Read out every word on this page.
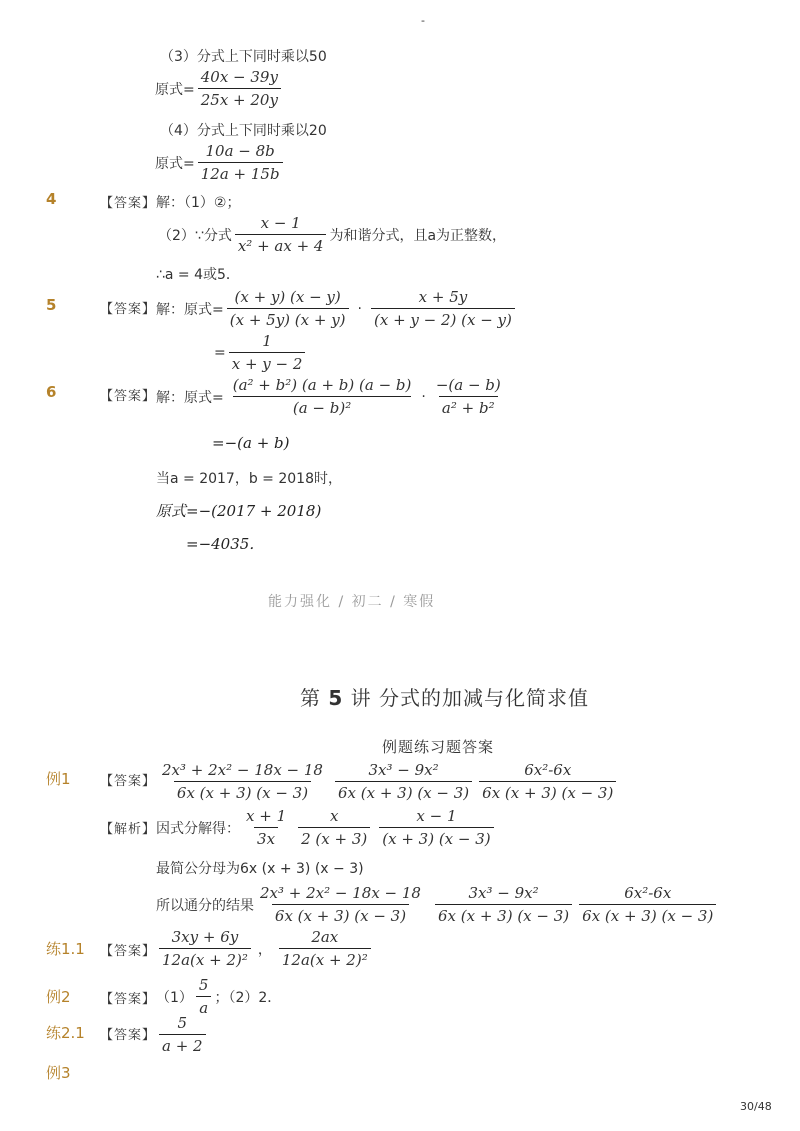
-
（3）分式上下同时乘以50
原式= $\frac{40x - 39y}{25x + 20y}$
（4）分式上下同时乘以20
原式= $\frac{10a - 8b}{12a + 15b}$
4	【答案】 解：（1）②；
（2）∵分式 $\frac{x - 1}{\text{x² + ax + 4}}$ 为和谐分式，且a为正整数，
∴a = 4或5．
5	【答案】 解：原式= $\frac{(x + y) (x - y)}{(x + 5y) (x + y)} \cdot \frac{x + 5y}{(x + y - 2) (x - y)}$
= $\frac{1}{x + y - 2}$
6	【答案】 解：原式= $\frac{\text{(a² + b²) (a + b) (a − b)}}{\text{(a − b)²}} \cdot \frac{-(a - b)}{\text{a² + b²}}$
=−(a + b)
当a = 2017，b = 2018时，
原式=−(2017 + 2018)
=−4035．
能力强化 / 初二 / 寒假
第 5 讲 分式的加减与化简求值
例题练习题答案
例1 【答案】 $\frac{\text{2x³ + 2x² − 18x − 18}}{6x (x + 3) (x - 3)} \frac{\text{3x³ − 9x²}}{6x (x + 3) (x - 3)} \frac{\text{6x²-6x}}{6x (x + 3) (x - 3)}$
【解析】 因式分解得： $\frac{x + 1}{3x} \frac{x}{2 (x + 3)} \frac{x - 1}{(x + 3) (x - 3)}$
最简公分母为6x (x + 3) (x − 3)
所以通分的结果 $\frac{\text{2x³ + 2x² − 18x − 18}}{6x (x + 3) (x - 3)} \frac{\text{3x³ − 9x²}}{6x (x + 3) (x - 3)} \frac{\text{6x²-6x}}{6x (x + 3) (x - 3)}$
练1.1 【答案】 $\frac{3xy + 6y}{\text{12a(x + 2)²}}$ ， $\frac{2ax}{\text{12a(x + 2)²}}$
例2 【答案】 $(1) \frac{5}{a}$ ；（2）2．
练2.1 【答案】 $\frac{5}{a + 2}$
例3
30/48
